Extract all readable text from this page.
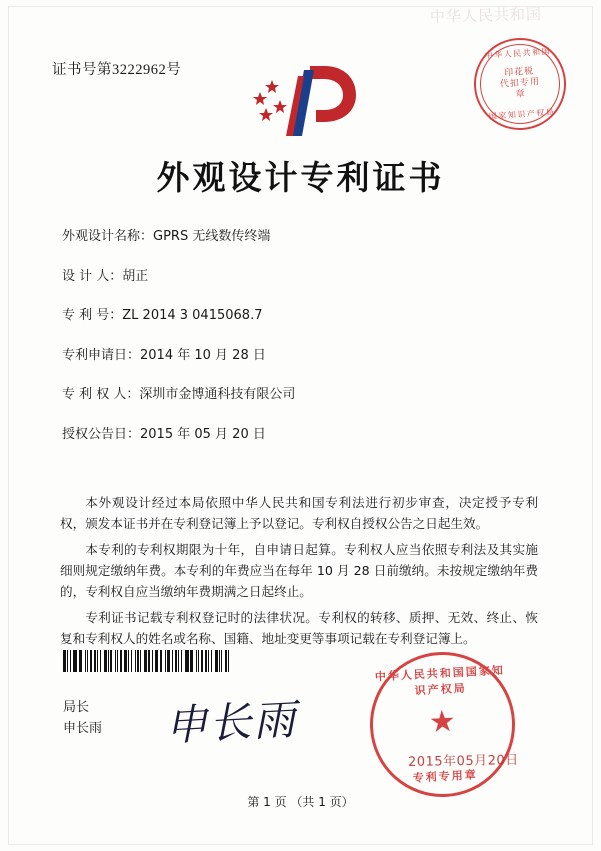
中华人民共和国
证书号第3222962号
中华人民共和国
国家知识产权局
印花税
代扣专用章
外观设计专利证书
外观设计名称：GPRS 无线数传终端
设 计 人：胡正
专 利 号：ZL 2014 3 0415068.7
专利申请日：2014 年 10 月 28 日
专 利 权 人：深圳市金博通科技有限公司
授权公告日：2015 年 05 月 20 日

本外观设计经过本局依照中华人民共和国专利法进行初步审查，决定授予专利权，颁发本证书并在专利登记簿上予以登记。专利权自授权公告之日起生效。

本专利的专利权期限为十年，自申请日起算。专利权人应当依照专利法及其实施细则规定缴纳年费。本专利的年费应当在每年 10 月 28 日前缴纳。未按规定缴纳年费的，专利权自应当缴纳年费期满之日起终止。

专利证书记载专利权登记时的法律状况。专利权的转移、质押、无效、终止、恢复和专利权人的姓名或名称、国籍、地址变更等事项记载在专利登记簿上。

局长
申长雨 申长雨
中华人民共和国国家知识产权局
★
专利专用章
2015年05月20日
第 1 页 （共 1 页）
